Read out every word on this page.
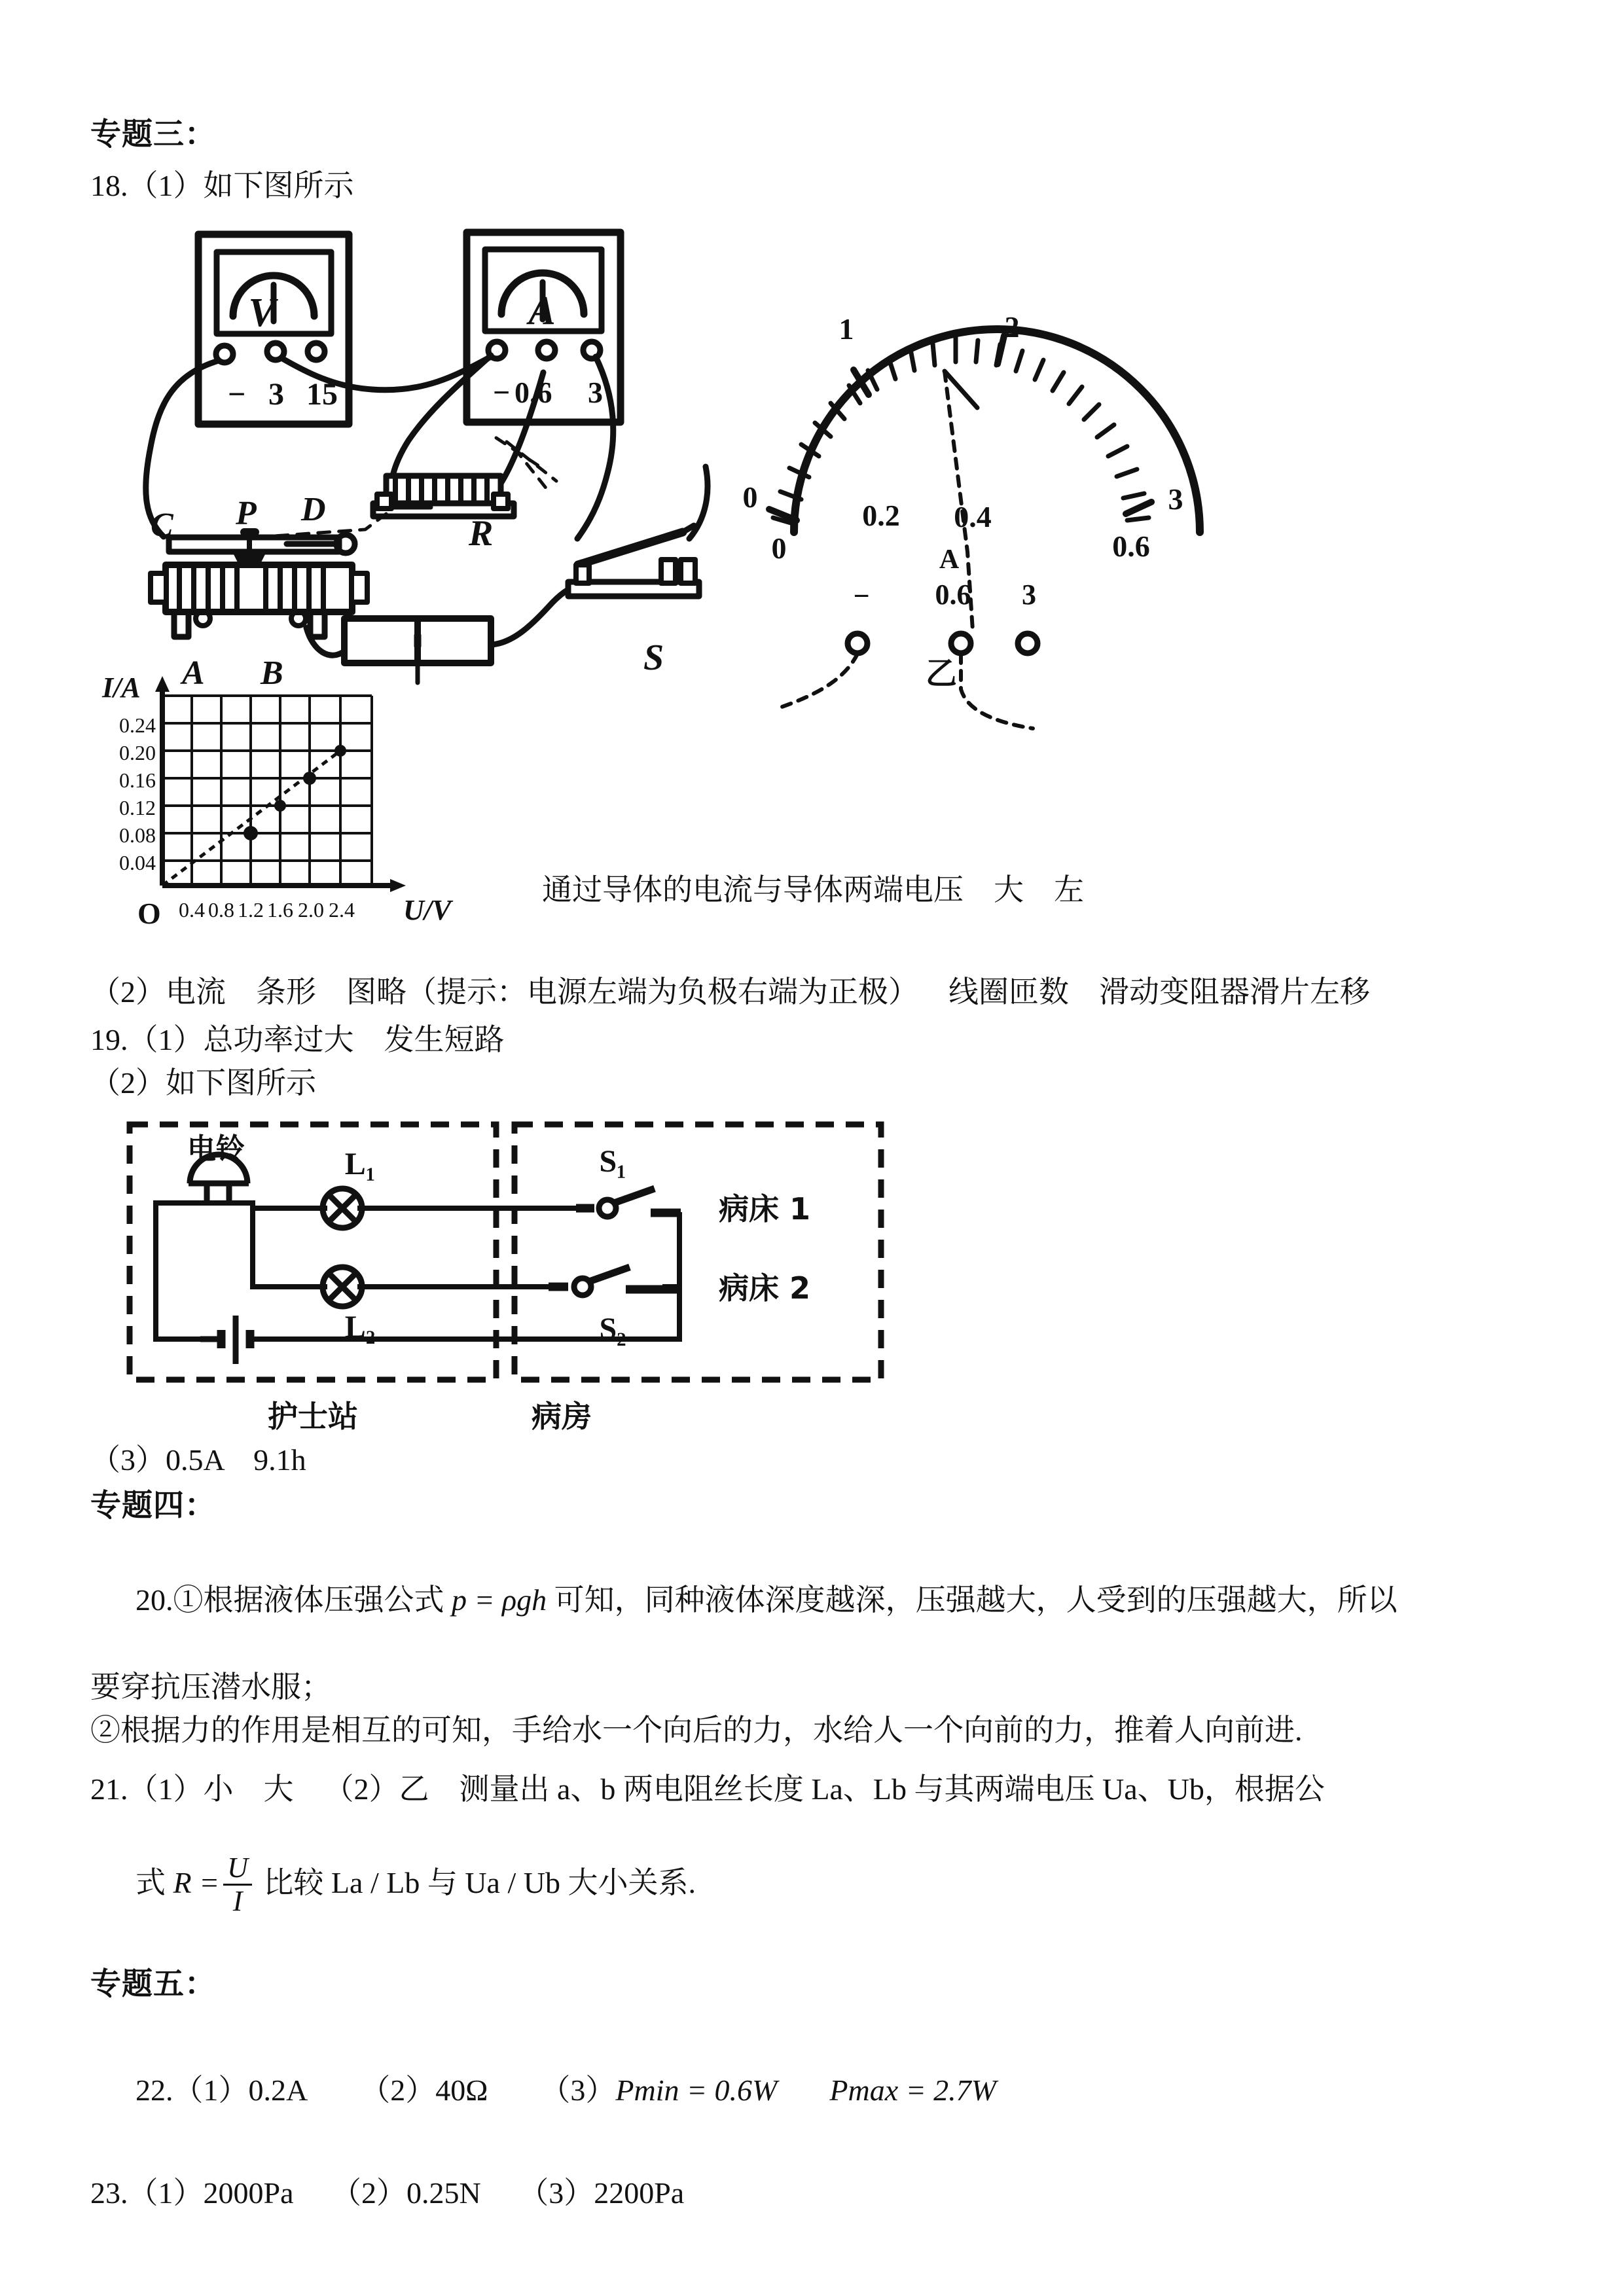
专题三：
18.（1）如下图所示
V
− 3 15
A
− 0.6 3
C P D
A B
R
S
0
1	2
3
0
0.2 0.4
0.6
− 0.6 3
A
乙
I/A
O	U/V
0.04
0.08
0.12
0.16
0.20
0.24
0.4 0.8 1.2 1.6 2.0 2.4
通过导体的电流与导体两端电压    大    左
（2）电流    条形    图略（提示：电源左端为负极右端为正极）    线圈匝数    滑动变阻器滑片左移
19.（1）总功率过大    发生短路
（2）如下图所示
电铃	L₁
L₂
S₁
S₂
病床 1
病床 2
护士站	病房
（3）0.5A    9.1h
专题四：

20.①根据液体压强公式 p = ρgh 可知，同种液体深度越深，压强越大，人受到的压强越大，所以

要穿抗压潜水服；
②根据力的作用是相互的可知，手给水一个向后的力，水给人一个向前的力，推着人向前进.
21.（1）小    大    （2）乙    测量出 a、b 两电阻丝长度 La、Lb 与其两端电压 Ua、Ub，根据公

式 $R = \frac{U}{I}$ 比较 La / Lb 与 Ua / Ub 大小关系.

专题五：

22.（1）0.2A （2）40Ω （3）Pmin = 0.6W Pmax = 2.7W

23.（1）2000Pa     （2）0.25N     （3）2200Pa
